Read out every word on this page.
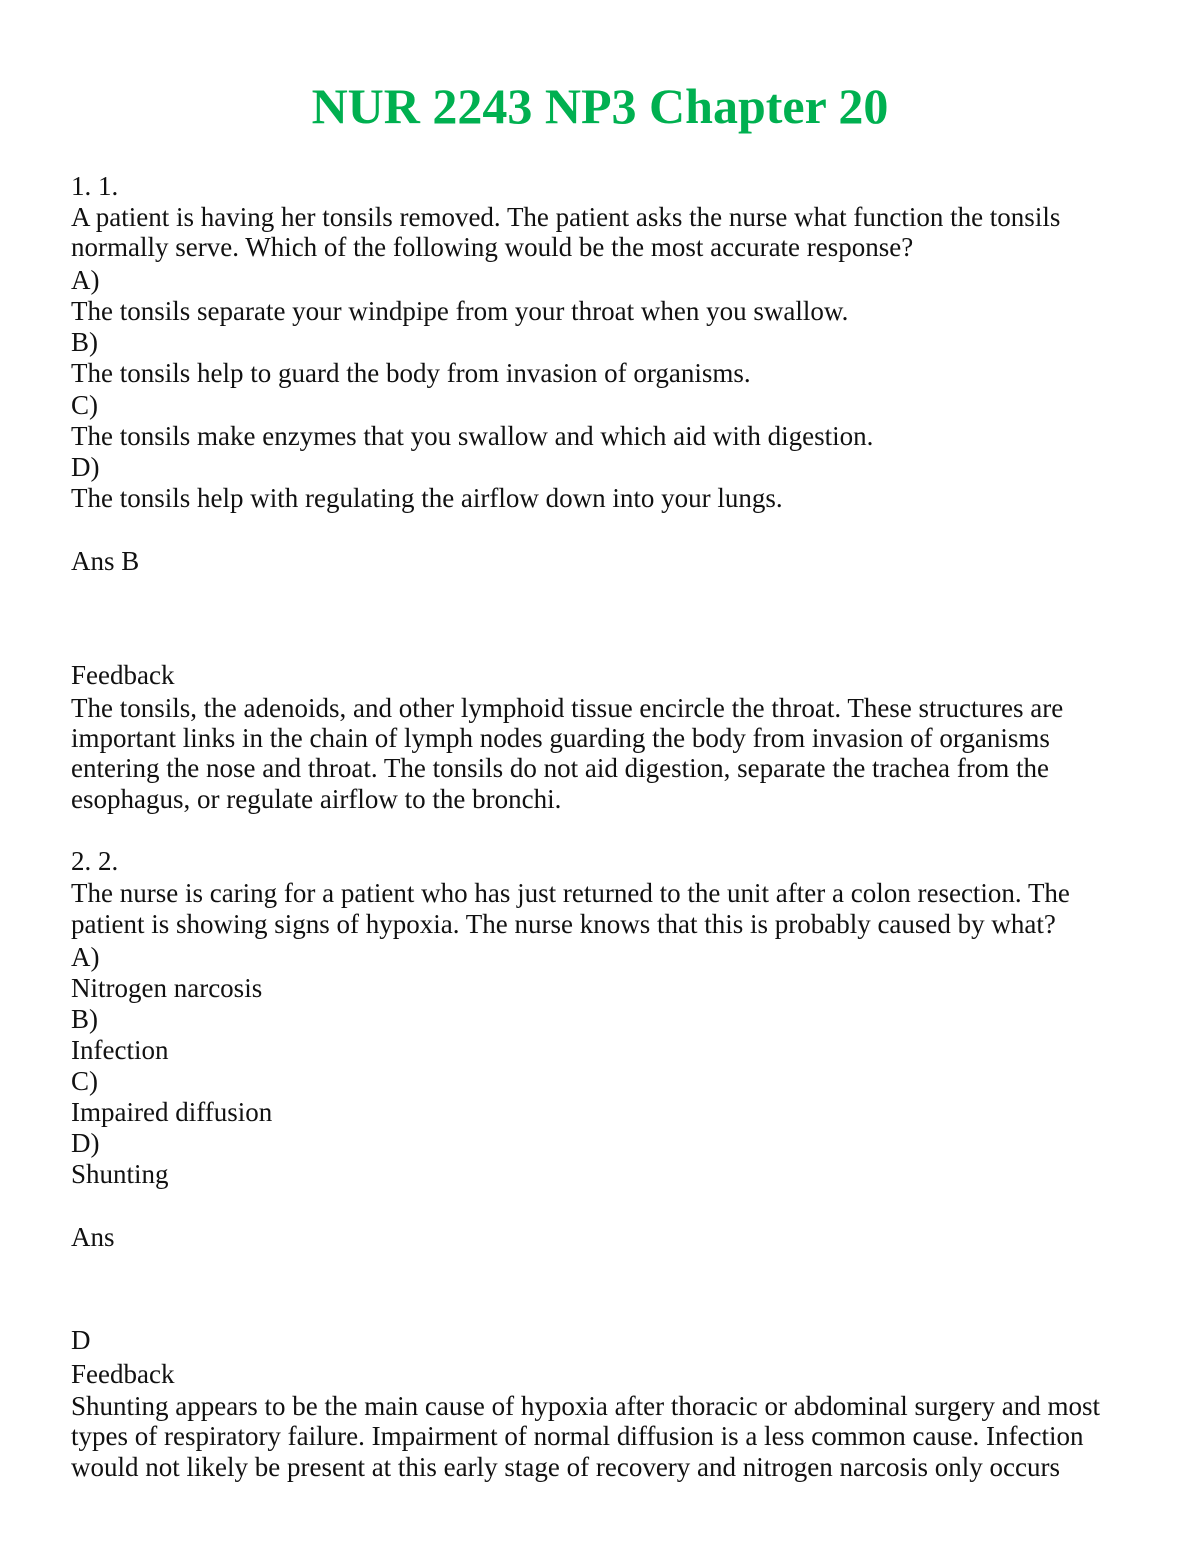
NUR 2243 NP3 Chapter 20

1. 1.

A patient is having her tonsils removed. The patient asks the nurse what function the tonsils

normally serve. Which of the following would be the most accurate response?

A)

The tonsils separate your windpipe from your throat when you swallow.

B)

The tonsils help to guard the body from invasion of organisms.

C)

The tonsils make enzymes that you swallow and which aid with digestion.

D)

The tonsils help with regulating the airflow down into your lungs.

Ans B

Feedback

The tonsils, the adenoids, and other lymphoid tissue encircle the throat. These structures are

important links in the chain of lymph nodes guarding the body from invasion of organisms

entering the nose and throat. The tonsils do not aid digestion, separate the trachea from the

esophagus, or regulate airflow to the bronchi.

2. 2.

The nurse is caring for a patient who has just returned to the unit after a colon resection. The

patient is showing signs of hypoxia. The nurse knows that this is probably caused by what?

A)

Nitrogen narcosis

B)

Infection

C)

Impaired diffusion

D)

Shunting

Ans

D

Feedback

Shunting appears to be the main cause of hypoxia after thoracic or abdominal surgery and most

types of respiratory failure. Impairment of normal diffusion is a less common cause. Infection

would not likely be present at this early stage of recovery and nitrogen narcosis only occurs
